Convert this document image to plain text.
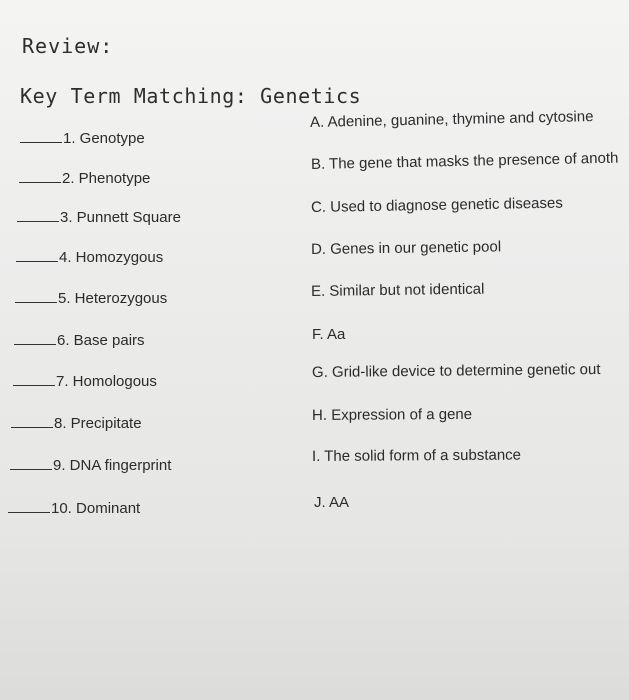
Review:
Key Term Matching: Genetics
1. Genotype
2. Phenotype
3. Punnett Square
4. Homozygous
5. Heterozygous
6. Base pairs
7. Homologous
8. Precipitate
9. DNA fingerprint
10. Dominant
A. Adenine, guanine, thymine and cytosine
B. The gene that masks the presence of anoth
C. Used to diagnose genetic diseases
D. Genes in our genetic pool
E. Similar but not identical
F. Aa
G. Grid-like device to determine genetic out
H. Expression of a gene
I. The solid form of a substance
J. AA
